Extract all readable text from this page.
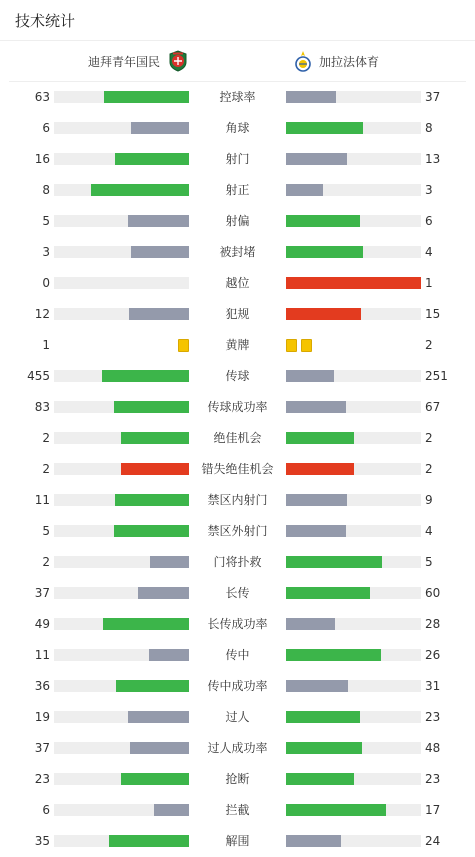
技术统计
迪拜青年国民	加拉法体育
63	控球率	37
6	角球	8
16	射门	13
8	射正	3
5	射偏	6
3	被封堵	4
0	越位	1
12	犯规	15
1	黄牌	2
455	传球	251
83	传球成功率	67
2	绝佳机会	2
2	错失绝佳机会	2
11	禁区内射门	9
5	禁区外射门	4
2	门将扑救	5
37	长传	60
49	长传成功率	28
11	传中	26
36	传中成功率	31
19	过人	23
37	过人成功率	48
23	抢断	23
6	拦截	17
35	解围	24
